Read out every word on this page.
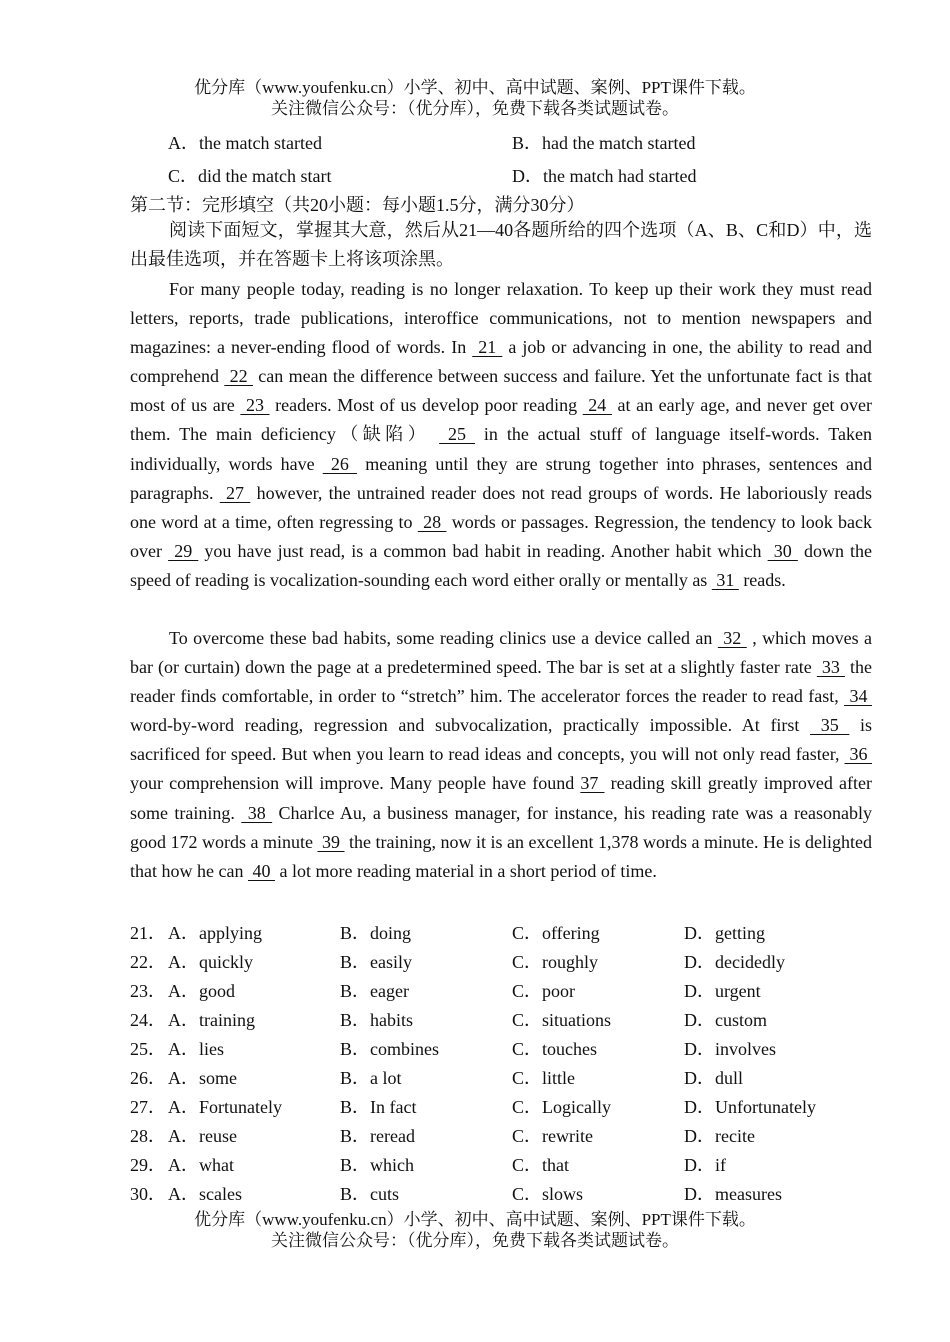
优分库（www.youfenku.cn）小学、初中、高中试题、案例、PPT课件下载。
关注微信公众号：（优分库），免费下载各类试题试卷。
A．the match started	B．had the match started
C．did the match start	D．the match had started
第二节：完形填空（共20小题：每小题1.5分，满分30分）

阅读下面短文，掌握其大意，然后从21—40各题所给的四个选项（A、B、C和D）中，选出最佳选项，并在答题卡上将该项涂黑。

For many people today, reading is no longer relaxation. To keep up their work they must read letters, reports, trade publications, interoffice communications, not to mention newspapers and magazines: a never-ending flood of words. In  21  a job or advancing in one, the ability to read and comprehend  22  can mean the difference between success and failure. Yet the unfortunate fact is that most of us are  23  readers. Most of us develop poor reading  24  at an early age, and never get over them. The main deficiency（缺陷）  25  in the actual stuff of language itself-words. Taken individually, words have  26  meaning until they are strung together into phrases, sentences and paragraphs.  27  however, the untrained reader does not read groups of words. He laboriously reads one word at a time, often regressing to  28  words or passages. Regression, the tendency to look back over  29  you have just read, is a common bad habit in reading. Another habit which  30  down the speed of reading is vocalization-sounding each word either orally or mentally as  31  reads.

To overcome these bad habits, some reading clinics use a device called an  32  , which moves a bar (or curtain) down the page at a predetermined speed. The bar is set at a slightly faster rate  33  the reader finds comfortable, in order to “stretch” him. The accelerator forces the reader to read fast,  34  word-by-word reading, regression and subvocalization, practically impossible. At first  35  is sacrificed for speed. But when you learn to read ideas and concepts, you will not only read faster,  36  your comprehension will improve. Many people have found 37  reading skill greatly improved after some training.  38  Charlce Au, a business manager, for instance, his reading rate was a reasonably good 172 words a minute  39  the training, now it is an excellent 1,378 words a minute. He is delighted that how he can  40  a lot more reading material in a short period of time.

21． A．applying	B．doing	C．offering	D．getting
22． A．quickly	B．easily	C．roughly	D．decidedly
23． A．good	B．eager	C．poor	D．urgent
24． A．training	B．habits	C．situations	D．custom
25． A．lies	B．combines	C．touches	D．involves
26． A．some	B．a lot	C．little	D．dull
27． A．Fortunately	B．In fact	C．Logically	D．Unfortunately
28． A．reuse	B．reread	C．rewrite	D．recite
29． A．what	B．which	C．that	D．if
30． A．scales	B．cuts	C．slows	D．measures
优分库（www.youfenku.cn）小学、初中、高中试题、案例、PPT课件下载。
关注微信公众号：（优分库），免费下载各类试题试卷。
